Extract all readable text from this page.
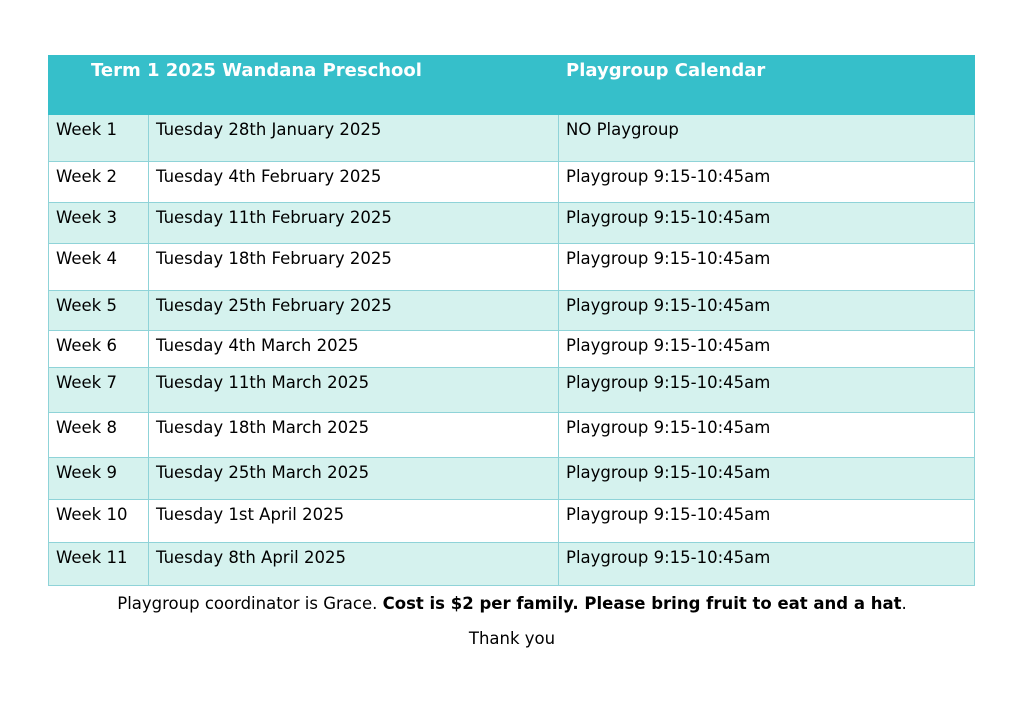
Term 1 2025 Wandana Preschool		Playgroup Calendar
Week 1	Tuesday 28th January 2025	NO Playgroup
Week 2	Tuesday 4th February 2025	Playgroup 9:15-10:45am
Week 3	Tuesday 11th February 2025	Playgroup 9:15-10:45am
Week 4	Tuesday 18th February 2025	Playgroup 9:15-10:45am
Week 5	Tuesday 25th February 2025	Playgroup 9:15-10:45am
Week 6	Tuesday 4th March 2025	Playgroup 9:15-10:45am
Week 7	Tuesday 11th March 2025	Playgroup 9:15-10:45am
Week 8	Tuesday 18th March 2025	Playgroup 9:15-10:45am
Week 9	Tuesday 25th March 2025	Playgroup 9:15-10:45am
Week 10	Tuesday 1st April 2025	Playgroup 9:15-10:45am
Week 11	Tuesday 8th April 2025	Playgroup 9:15-10:45am
Playgroup coordinator is Grace. Cost is $2 per family. Please bring fruit to eat and a hat.
Thank you
